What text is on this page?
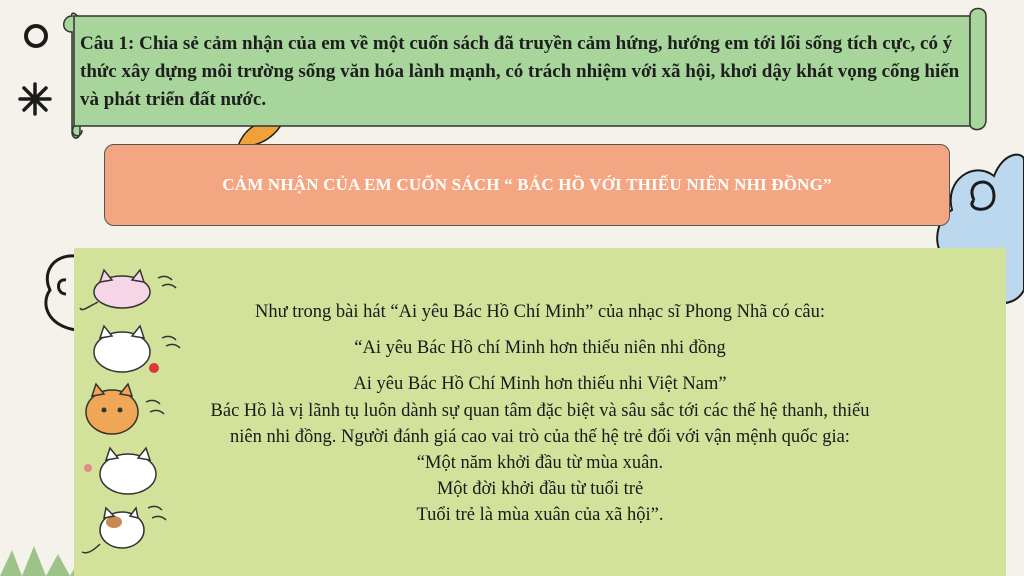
Câu 1: Chia sẻ cảm nhận của em về một cuốn sách đã truyền cảm hứng, hướng em tới lối sống tích cực, có ý thức xây dựng môi trường sống văn hóa lành mạnh, có trách nhiệm với xã hội, khơi dậy khát vọng cống hiến và phát triển đất nước.
CẢM NHẬN CỦA EM CUỐN SÁCH “ BÁC HỒ VỚI THIẾU NIÊN NHI ĐỒNG”
Như trong bài hát “Ai yêu Bác Hồ Chí Minh” của nhạc sĩ Phong Nhã có câu:
“Ai yêu Bác Hồ chí Minh hơn thiếu niên nhi đồng
Ai yêu Bác Hồ Chí Minh hơn thiếu nhi Việt Nam”
Bác Hồ là vị lãnh tụ luôn dành sự quan tâm đặc biệt và sâu sắc tới các thế hệ thanh, thiếu
niên nhi đồng. Người đánh giá cao vai trò của thế hệ trẻ đối với vận mệnh quốc gia:
“Một năm khởi đầu từ mùa xuân.
Một đời khởi đầu từ tuổi trẻ
Tuổi trẻ là mùa xuân của xã hội”.
